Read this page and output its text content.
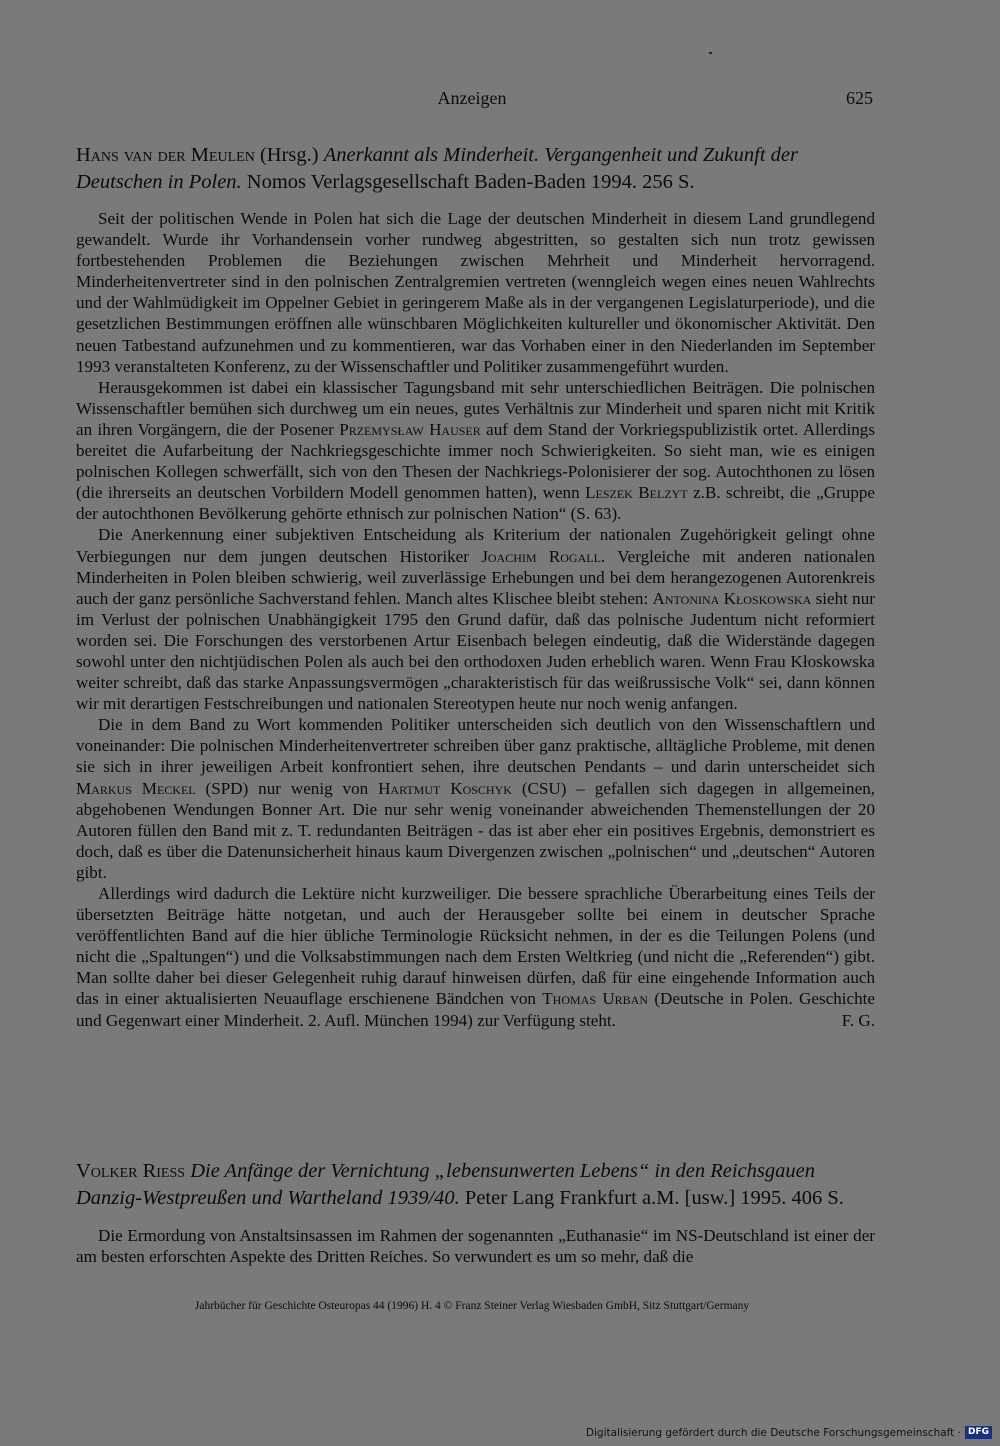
Anzeigen	625
Hans van der Meulen (Hrsg.) Anerkannt als Minderheit. Vergangenheit und Zukunft der Deutschen in Polen. Nomos Verlagsgesellschaft Baden-Baden 1994. 256 S.

Seit der politischen Wende in Polen hat sich die Lage der deutschen Minderheit in diesem Land grundlegend gewandelt. Wurde ihr Vorhandensein vorher rundweg abgestritten, so gestalten sich nun trotz gewissen fortbestehenden Problemen die Beziehungen zwischen Mehrheit und Minderheit hervorragend. Minderheitenvertreter sind in den polnischen Zentralgremien vertreten (wenngleich wegen eines neuen Wahlrechts und der Wahlmüdigkeit im Oppelner Gebiet in geringerem Maße als in der vergangenen Legislaturperiode), und die gesetzlichen Bestimmungen eröffnen alle wünschbaren Möglichkeiten kultureller und ökonomischer Aktivität. Den neuen Tatbestand aufzunehmen und zu kommentieren, war das Vorhaben einer in den Niederlanden im September 1993 veranstalteten Konferenz, zu der Wissenschaftler und Politiker zusammengeführt wurden.

Herausgekommen ist dabei ein klassischer Tagungsband mit sehr unterschiedlichen Beiträgen. Die polnischen Wissenschaftler bemühen sich durchweg um ein neues, gutes Verhältnis zur Minderheit und sparen nicht mit Kritik an ihren Vorgängern, die der Posener Przemysław Hauser auf dem Stand der Vorkriegspublizistik ortet. Allerdings bereitet die Aufarbeitung der Nachkriegsgeschichte immer noch Schwierigkeiten. So sieht man, wie es einigen polnischen Kollegen schwerfällt, sich von den Thesen der Nachkriegs-Polonisierer der sog. Autochthonen zu lösen (die ihrerseits an deutschen Vorbildern Modell genommen hatten), wenn Leszek Belzyt z.B. schreibt, die „Gruppe der autochthonen Bevölkerung gehörte ethnisch zur polnischen Nation“ (S. 63).

Die Anerkennung einer subjektiven Entscheidung als Kriterium der nationalen Zugehörigkeit gelingt ohne Verbiegungen nur dem jungen deutschen Historiker Joachim Rogall. Vergleiche mit anderen nationalen Minderheiten in Polen bleiben schwierig, weil zuverlässige Erhebungen und bei dem herangezogenen Autorenkreis auch der ganz persönliche Sachverstand fehlen. Manch altes Klischee bleibt stehen: Antonina Kłoskowska sieht nur im Verlust der polnischen Unabhängigkeit 1795 den Grund dafür, daß das polnische Judentum nicht reformiert worden sei. Die Forschungen des verstorbenen Artur Eisenbach belegen eindeutig, daß die Widerstände dagegen sowohl unter den nichtjüdischen Polen als auch bei den orthodoxen Juden erheblich waren. Wenn Frau Kłoskowska weiter schreibt, daß das starke Anpassungsvermögen „charakteristisch für das weißrussische Volk“ sei, dann können wir mit derartigen Festschreibungen und nationalen Stereotypen heute nur noch wenig anfangen.

Die in dem Band zu Wort kommenden Politiker unterscheiden sich deutlich von den Wissenschaftlern und voneinander: Die polnischen Minderheitenvertreter schreiben über ganz praktische, alltägliche Probleme, mit denen sie sich in ihrer jeweiligen Arbeit konfrontiert sehen, ihre deutschen Pendants – und darin unterscheidet sich Markus Meckel (SPD) nur wenig von Hartmut Koschyk (CSU) – gefallen sich dagegen in allgemeinen, abgehobenen Wendungen Bonner Art. Die nur sehr wenig voneinander abweichenden Themenstellungen der 20 Autoren füllen den Band mit z. T. redundanten Beiträgen - das ist aber eher ein positives Ergebnis, demonstriert es doch, daß es über die Datenunsicherheit hinaus kaum Divergenzen zwischen „polnischen“ und „deutschen“ Autoren gibt.

Allerdings wird dadurch die Lektüre nicht kurzweiliger. Die bessere sprachliche Überarbeitung eines Teils der übersetzten Beiträge hätte notgetan, und auch der Herausgeber sollte bei einem in deutscher Sprache veröffentlichten Band auf die hier übliche Terminologie Rücksicht nehmen, in der es die Teilungen Polens (und nicht die „Spaltungen“) und die Volksabstimmungen nach dem Ersten Weltkrieg (und nicht die „Referenden“) gibt. Man sollte daher bei dieser Gelegenheit ruhig darauf hinweisen dürfen, daß für eine eingehende Information auch das in einer aktualisierten Neuauflage erschienene Bändchen von Thomas Urban (Deutsche in Polen. Geschichte und Gegenwart einer Minderheit. 2. Aufl. München 1994) zur Verfügung steht.	F. G.

Volker Riess Die Anfänge der Vernichtung „lebensunwerten Lebens“ in den Reichsgauen Danzig-Westpreußen und Wartheland 1939/40. Peter Lang Frankfurt a.M. [usw.] 1995. 406 S.

Die Ermordung von Anstaltsinsassen im Rahmen der sogenannten „Euthanasie“ im NS-Deutschland ist einer der am besten erforschten Aspekte des Dritten Reiches. So verwundert es um so mehr, daß die

Jahrbücher für Geschichte Osteuropas 44 (1996) H. 4 © Franz Steiner Verlag Wiesbaden GmbH, Sitz Stuttgart/Germany
Digitalisierung gefördert durch die Deutsche Forschungsgemeinschaft · DFG
